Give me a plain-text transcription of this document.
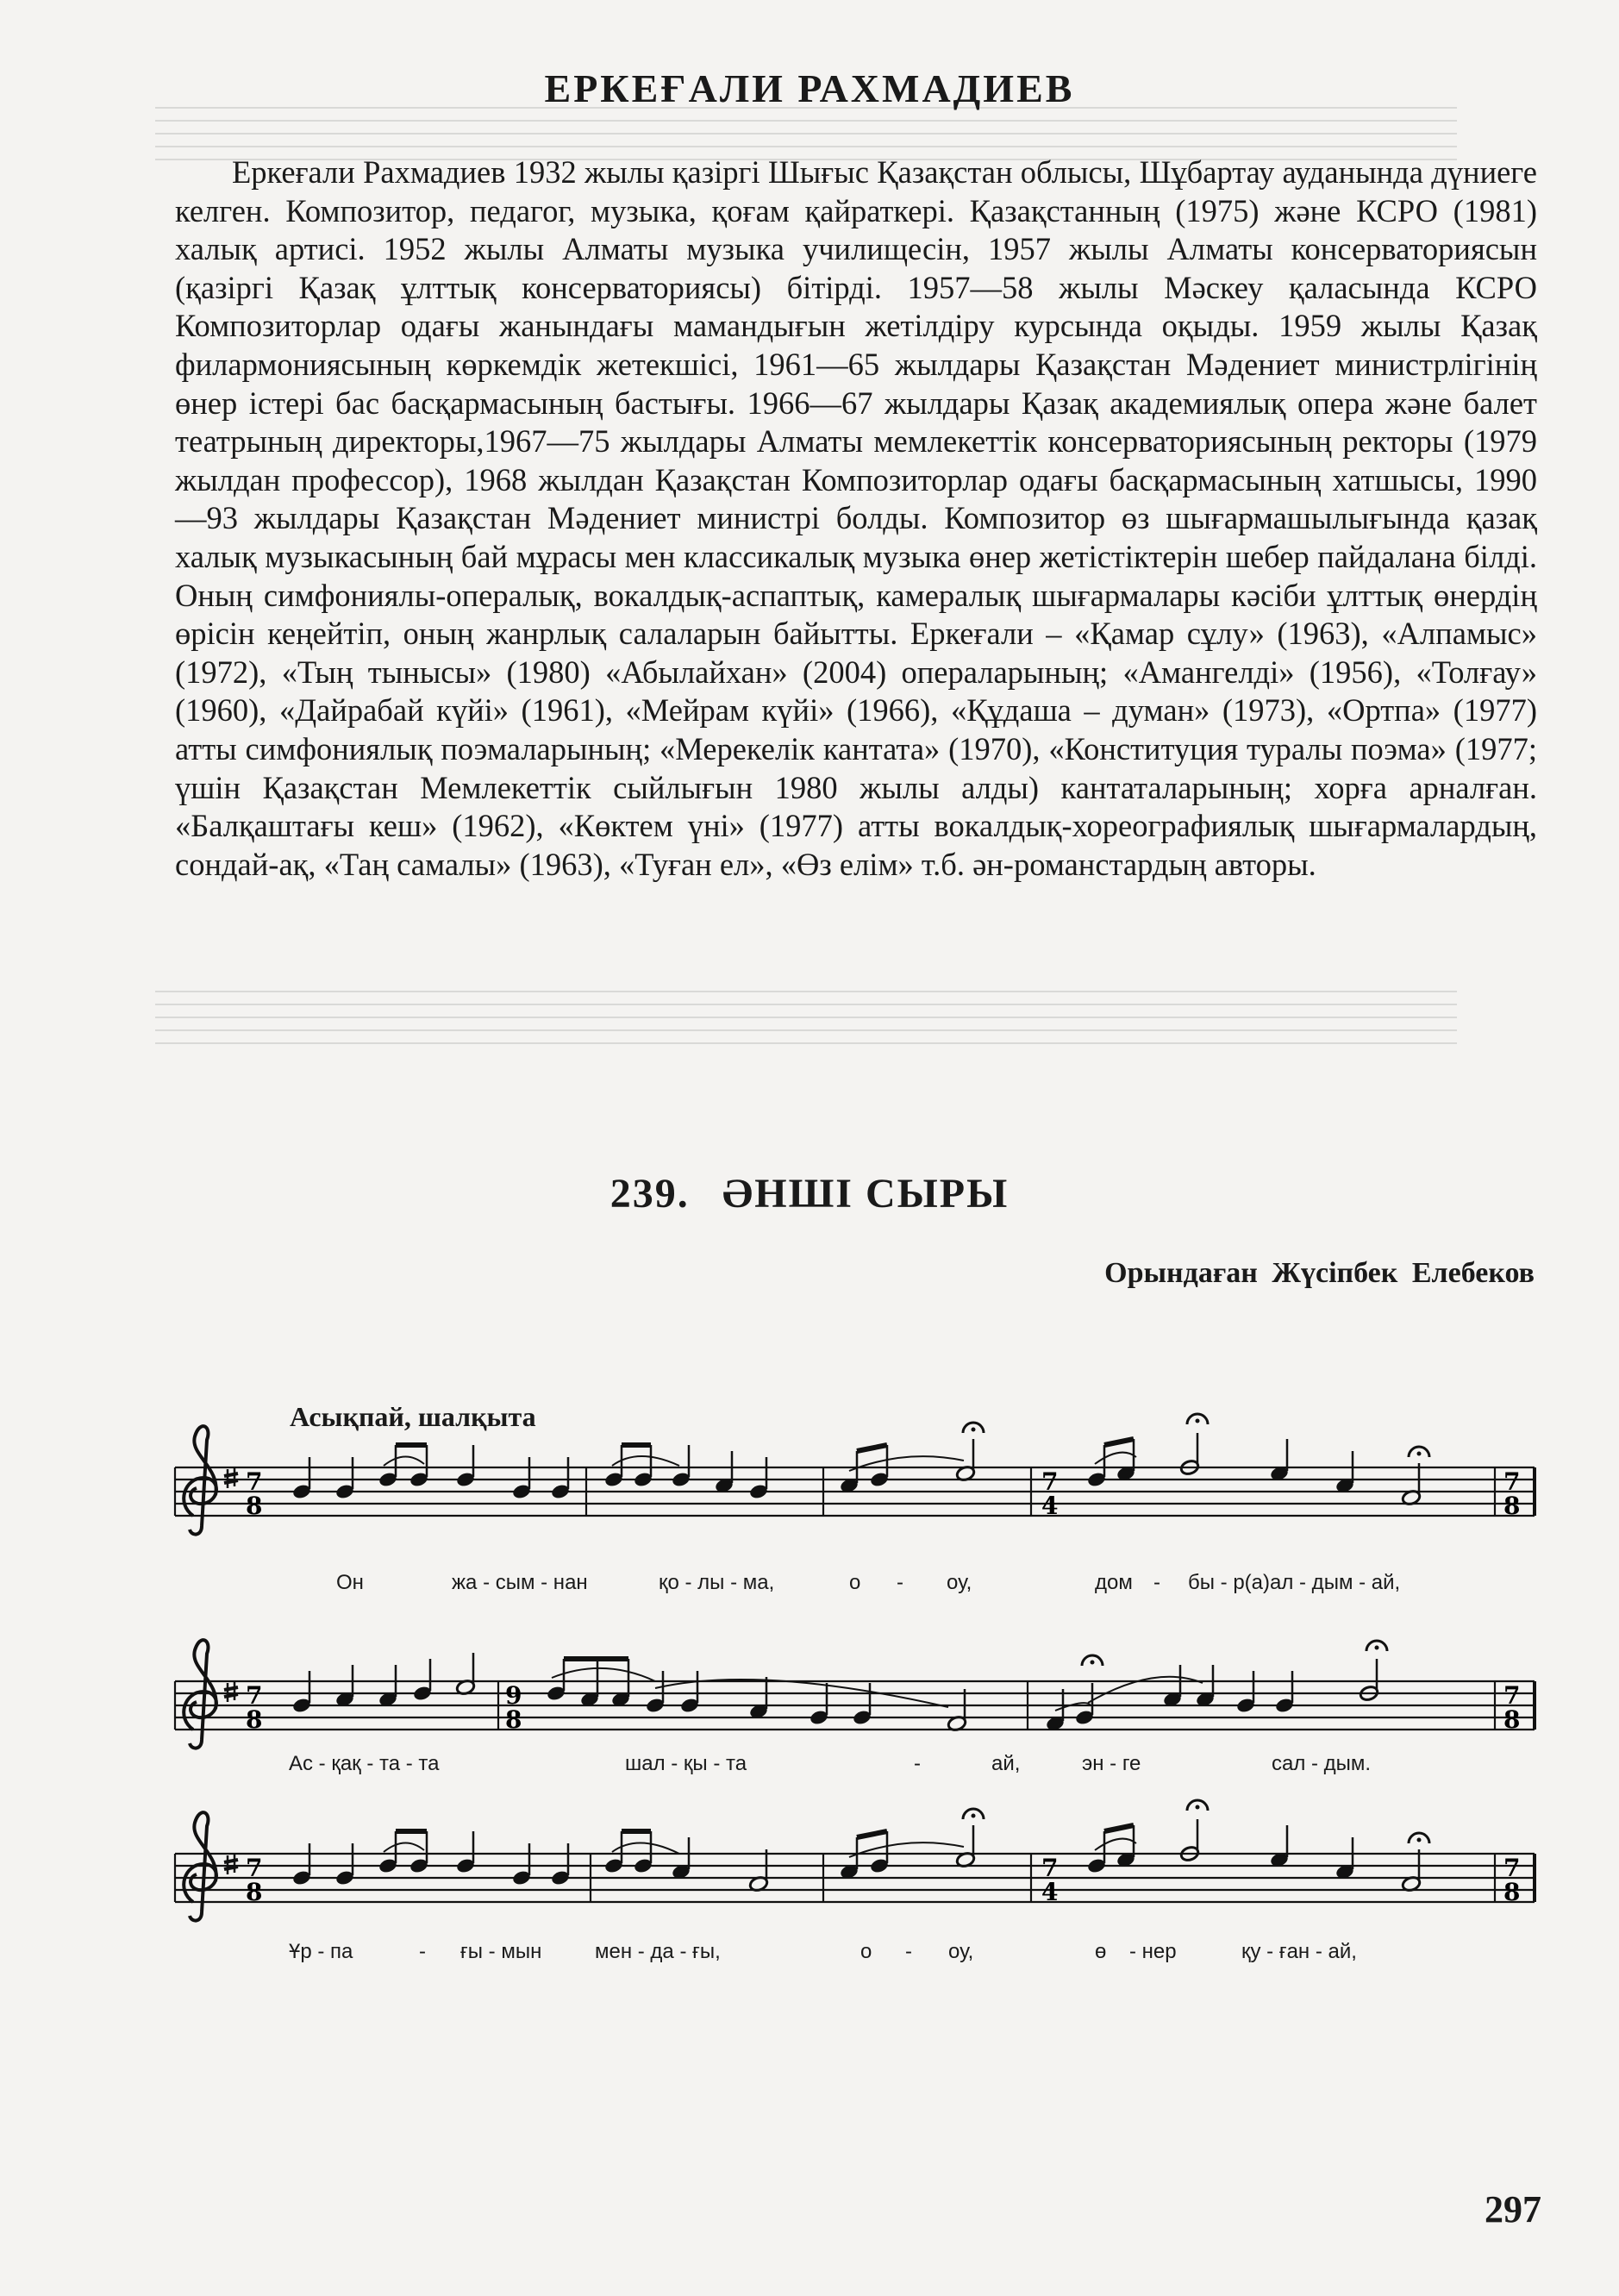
ЕРКЕҒАЛИ РАХМАДИЕВ
Еркеғали Рахмадиев 1932 жылы қазіргі Шығыс Қазақстан облысы, Шұбартау ауданында дүниеге келген. Композитор, педагог, музыка, қоғам қайраткері. Қазақстанның (1975) және КСРО (1981) халық артисі. 1952 жылы Алматы музыка училищесін, 1957 жылы Алматы консерваториясын (қазіргі Қазақ ұлттық консерваториясы) бітірді. 1957—58 жылы Мәскеу қаласында КСРО Композиторлар одағы жанындағы мамандығын жетілдіру курсында оқыды. 1959 жылы Қазақ филармониясының көркемдік жетекшісі, 1961—65 жылдары Қазақстан Мәдениет министрлігінің өнер істері бас басқармасының бастығы. 1966—67 жылдары Қазақ академиялық опера және балет театрының директоры,1967—75 жылдары Алматы мемлекеттік консерваториясының ректоры (1979 жылдан профессор), 1968 жылдан Қазақстан Композиторлар одағы басқармасының хатшысы, 1990—93 жылдары Қазақстан Мәдениет министрі болды. Композитор өз шығармашылығында қазақ халық музыкасының бай мұрасы мен классикалық музыка өнер жетістіктерін шебер пайдалана білді. Оның симфониялы-опералық, вокалдық-аспаптық, камералық шығармалары кәсіби ұлттық өнердің өрісін кеңейтіп, оның жанрлық салаларын байытты. Еркеғали – «Қамар сұлу» (1963), «Алпамыс» (1972), «Тың тынысы» (1980) «Абылайхан» (2004) операларының; «Амангелді» (1956), «Толғау» (1960), «Дайрабай күйі» (1961), «Мейрам күйі» (1966), «Құдаша – думан» (1973), «Ортпа» (1977) атты симфониялық поэмаларының; «Мерекелік кантата» (1970), «Конституция туралы поэма» (1977; үшін Қазақстан Мемлекеттік сыйлығын 1980 жылы алды) кантаталарының; хорға арналған. «Балқаштағы кеш» (1962), «Көктем үні» (1977) атты вокалдық-хореографиялық шығармалардың, сондай-ақ, «Таң самалы» (1963), «Туған ел», «Өз елім» т.б. ән-романстардың авторы.
239. ӘНШІ СЫРЫ
Орындаған Жүсіпбек Елебеков
Асықпай, шалқыта
7
8
7
4
7
8
7
8
9
8
7
8
7
8
7
4
7
8
Он	жа - сым - нан	қо - лы - ма,	о - оу,	дом - бы - р(а)ал - дым - ай,
Ас - қақ - та - та	шал - қы - та	-	ай,	эн - ге	сал - дым.
Ұр - па	- ғы - мын	мен - да - ғы,	о - оу,	ө - нер	қу - ған - ай,
297
